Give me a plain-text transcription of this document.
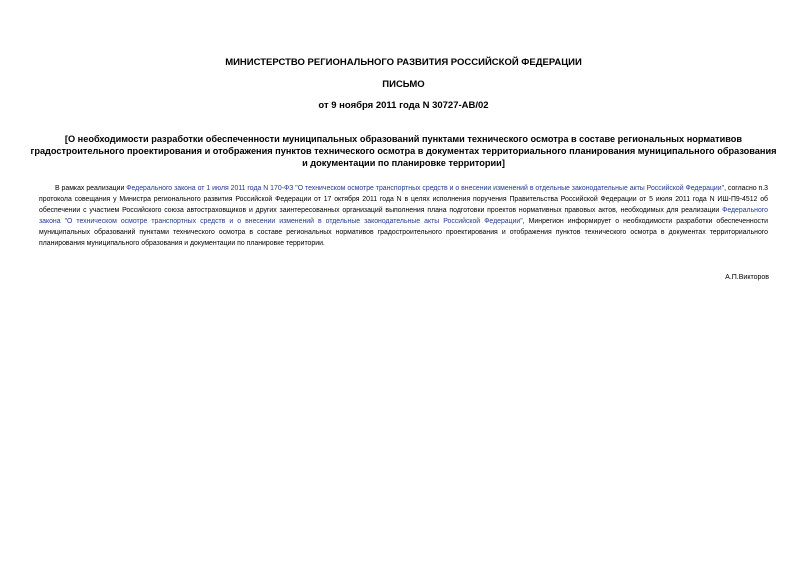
МИНИСТЕРСТВО РЕГИОНАЛЬНОГО РАЗВИТИЯ РОССИЙСКОЙ ФЕДЕРАЦИИ
ПИСЬМО
от 9 ноября 2011 года N 30727-АВ/02
[О необходимости разработки обеспеченности муниципальных образований пунктами технического осмотра в составе региональных нормативов градостроительного проектирования и отображения пунктов технического осмотра в документах территориального планирования муниципального образования и документации по планировке территории]

В рамках реализации Федерального закона от 1 июля 2011 года N 170-ФЗ "О техническом осмотре транспортных средств и о внесении изменений в отдельные законодательные акты Российской Федерации", согласно п.3 протокола совещания у Министра регионального развития Российской Федерации от 17 октября 2011 года N в целях исполнения поручения Правительства Российской Федерации от 5 июля 2011 года N ИШ-П9-4512 об обеспечении с участием Российского союза автостраховщиков и других заинтересованных организаций выполнения плана подготовки проектов нормативных правовых актов, необходимых для реализации Федерального закона "О техническом осмотре транспортных средств и о внесении изменений в отдельные законодательные акты Российской Федерации", Минрегион информирует о необходимости разработки обеспеченности муниципальных образований пунктами технического осмотра в составе региональных нормативов градостроительного проектирования и отображения пунктов технического осмотра в документах территориального планирования муниципального образования и документации по планировке территории.

А.П.Викторов
